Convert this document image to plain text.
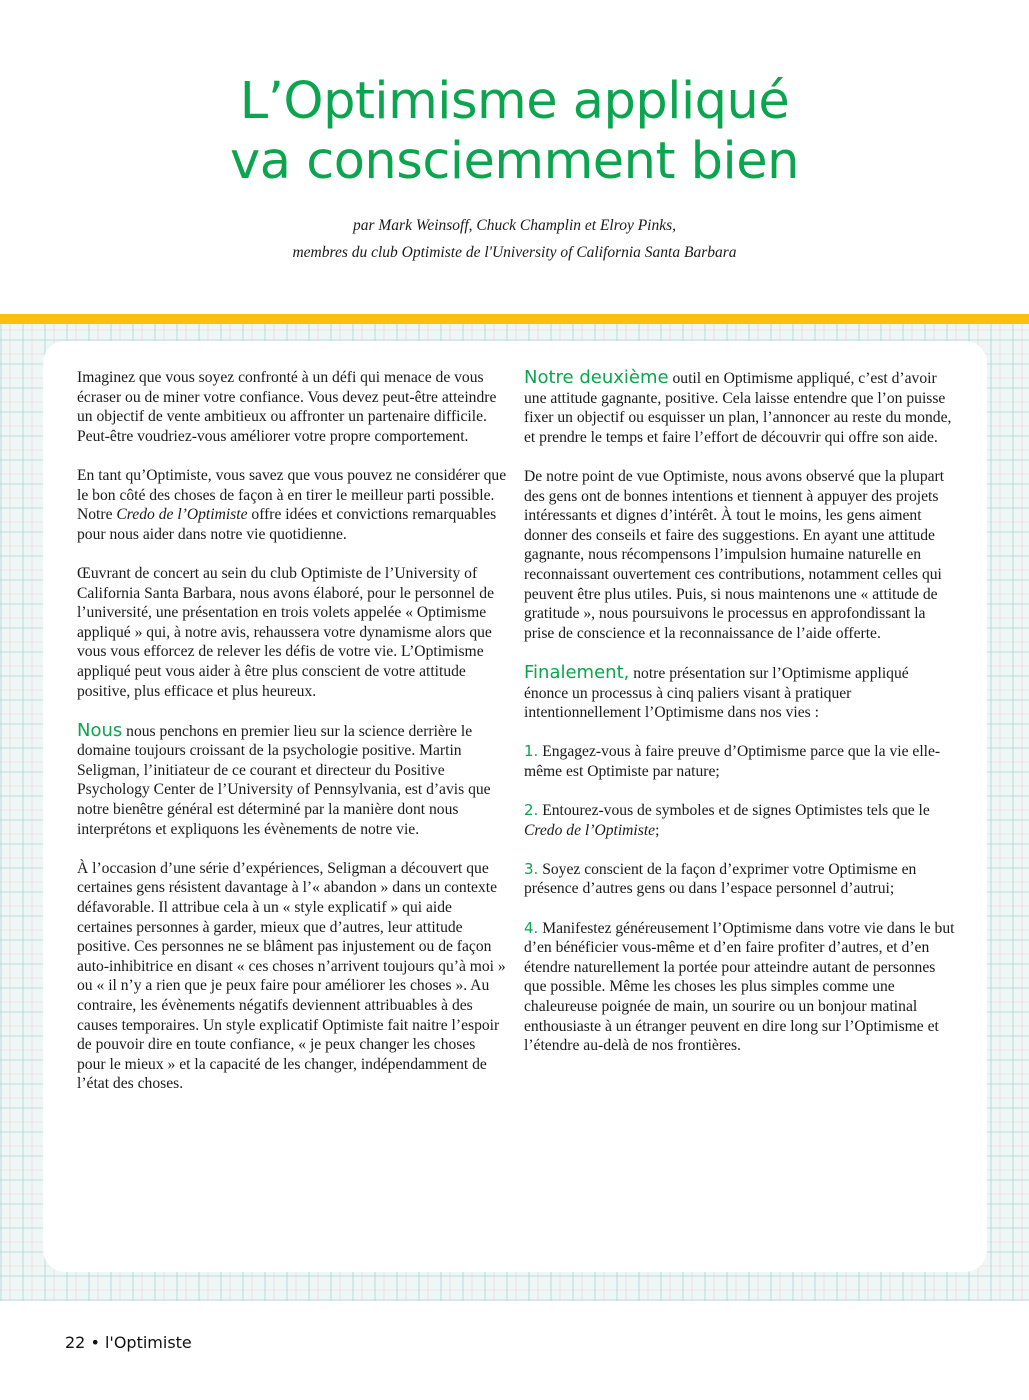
L’Optimisme appliqué
va consciemment bien
par Mark Weinsoff, Chuck Champlin et Elroy Pinks,
membres du club Optimiste de l'University of California Santa Barbara

Imaginez que vous soyez confronté à un défi qui menace de vous écraser ou de miner votre confiance. Vous devez peut-être atteindre un objectif de vente ambitieux ou affronter un partenaire difficile. Peut-être voudriez-vous améliorer votre propre comportement.

En tant qu’Optimiste, vous savez que vous pouvez ne considérer que le bon côté des choses de façon à en tirer le meilleur parti possible. Notre Credo de l’Optimiste offre idées et convictions remarquables pour nous aider dans notre vie quotidienne.

Œuvrant de concert au sein du club Optimiste de l’University of California Santa Barbara, nous avons élaboré, pour le personnel de l’université, une présentation en trois volets appelée « Optimisme appliqué » qui, à notre avis, rehaussera votre dynamisme alors que vous vous efforcez de relever les défis de votre vie. L’Optimisme appliqué peut vous aider à être plus conscient de votre attitude positive, plus efficace et plus heureux.

Nous nous penchons en premier lieu sur la science derrière le domaine toujours croissant de la psychologie positive. Martin Seligman, l’initiateur de ce courant et directeur du Positive Psychology Center de l’University of Pennsylvania, est d’avis que notre bienêtre général est déterminé par la manière dont nous interprétons et expliquons les évènements de notre vie.

À l’occasion d’une série d’expériences, Seligman a découvert que certaines gens résistent davantage à l’« abandon » dans un contexte défavorable. Il attribue cela à un « style explicatif » qui aide certaines personnes à garder, mieux que d’autres, leur attitude positive. Ces personnes ne se blâment pas injustement ou de façon auto-inhibitrice en disant « ces choses n’arrivent toujours qu’à moi » ou « il n’y a rien que je peux faire pour améliorer les choses ». Au contraire, les évènements négatifs deviennent attribuables à des causes temporaires. Un style explicatif Optimiste fait naitre l’espoir de pouvoir dire en toute confiance, « je peux changer les choses pour le mieux » et la capacité de les changer, indépendamment de l’état des choses.

Notre deuxième outil en Optimisme appliqué, c’est d’avoir une attitude gagnante, positive. Cela laisse entendre que l’on puisse fixer un objectif ou esquisser un plan, l’annoncer au reste du monde, et prendre le temps et faire l’effort de découvrir qui offre son aide.

De notre point de vue Optimiste, nous avons observé que la plupart des gens ont de bonnes intentions et tiennent à appuyer des projets intéressants et dignes d’intérêt. À tout le moins, les gens aiment donner des conseils et faire des suggestions. En ayant une attitude gagnante, nous récompensons l’impulsion humaine naturelle en reconnaissant ouvertement ces contributions, notamment celles qui peuvent être plus utiles. Puis, si nous maintenons une « attitude de gratitude », nous poursuivons le processus en approfondissant la prise de conscience et la reconnaissance de l’aide offerte.

Finalement, notre présentation sur l’Optimisme appliqué énonce un processus à cinq paliers visant à pratiquer intentionnellement l’Optimisme dans nos vies :

1. Engagez-vous à faire preuve d’Optimisme parce que la vie elle-même est Optimiste par nature;

2. Entourez-vous de symboles et de signes Optimistes tels que le Credo de l’Optimiste;

3. Soyez conscient de la façon d’exprimer votre Optimisme en présence d’autres gens ou dans l’espace personnel d’autrui;

4. Manifestez généreusement l’Optimisme dans votre vie dans le but d’en bénéficier vous-même et d’en faire profiter d’autres, et d’en étendre naturellement la portée pour atteindre autant de personnes que possible. Même les choses les plus simples comme une chaleureuse poignée de main, un sourire ou un bonjour matinal enthousiaste à un étranger peuvent en dire long sur l’Optimisme et l’étendre au-delà de nos frontières.

22 • l'Optimiste
